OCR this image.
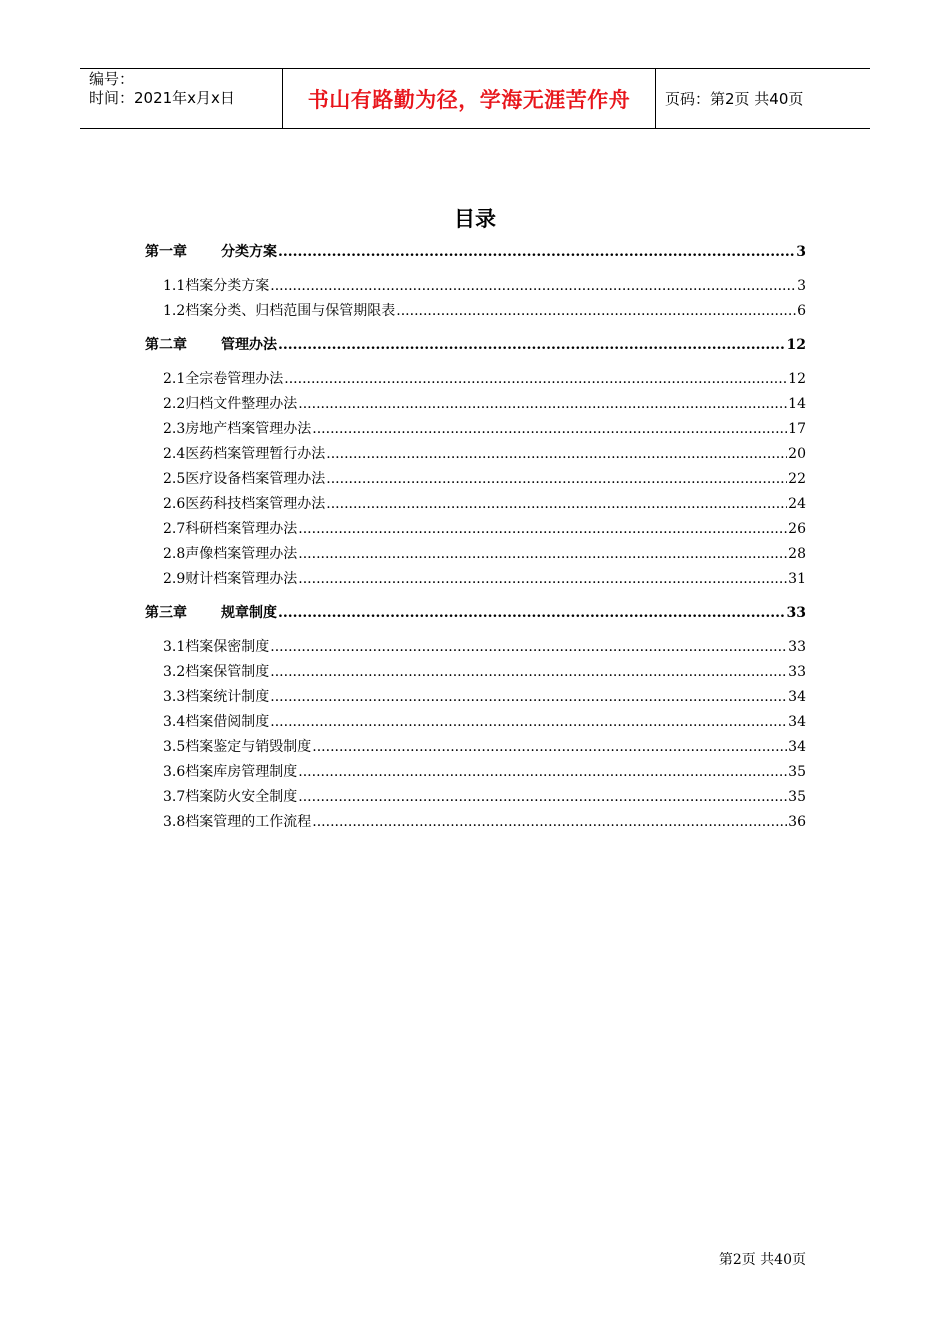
编号：
时间：2021年x月x日	书山有路勤为径，学海无涯苦作舟	页码：第2页 共40页
目录
第一章	分类方案 .....	3
1.1 档案分类方案 .....	3
1.2 档案分类、归档范围与保管期限表 .....	6
第二章	管理办法 .....	12
2.1 全宗卷管理办法 .....	12
2.2 归档文件整理办法 .....	14
2.3 房地产档案管理办法 .....	17
2.4 医药档案管理暂行办法 .....	20
2.5 医疗设备档案管理办法 .....	22
2.6 医药科技档案管理办法 .....	24
2.7 科研档案管理办法 .....	26
2.8 声像档案管理办法 .....	28
2.9 财计档案管理办法 .....	31
第三章	规章制度 .....	33
3.1 档案保密制度 .....	33
3.2 档案保管制度 .....	33
3.3 档案统计制度 .....	34
3.4 档案借阅制度 .....	34
3.5 档案鉴定与销毁制度 .....	34
3.6 档案库房管理制度 .....	35
3.7 档案防火安全制度 .....	35
3.8 档案管理的工作流程 .....	36
第2页 共40页
